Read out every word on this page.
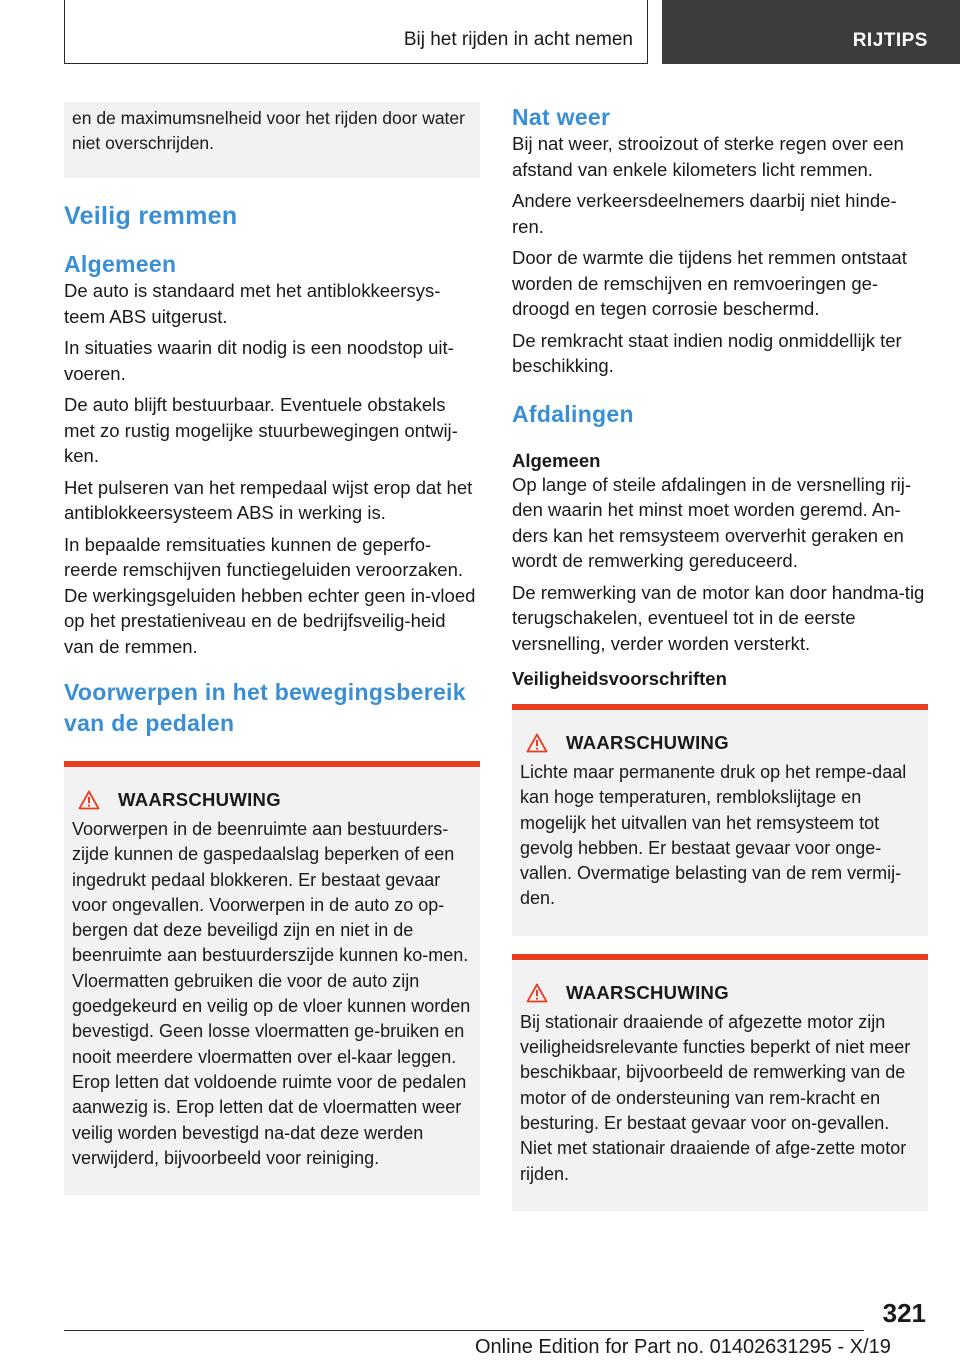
Bij het rijden in acht nemen	RIJTIPS

en de maximumsnelheid voor het rijden door water niet overschrijden.

Veilig remmen
Algemeen

De auto is standaard met het antiblokkeersys-teem ABS uitgerust.

In situaties waarin dit nodig is een noodstop uit-voeren.

De auto blijft bestuurbaar. Eventuele obstakels met zo rustig mogelijke stuurbewegingen ontwij-ken.

Het pulseren van het rempedaal wijst erop dat het antiblokkeersysteem ABS in werking is.

In bepaalde remsituaties kunnen de geperfo-reerde remschijven functiegeluiden veroorzaken. De werkingsgeluiden hebben echter geen in-vloed op het prestatieniveau en de bedrijfsveilig-heid van de remmen.

Voorwerpen in het bewegingsbereik van de pedalen
WAARSCHUWING

Voorwerpen in de beenruimte aan bestuurders-zijde kunnen de gaspedaalslag beperken of een ingedrukt pedaal blokkeren. Er bestaat gevaar voor ongevallen. Voorwerpen in de auto zo op-bergen dat deze beveiligd zijn en niet in de beenruimte aan bestuurderszijde kunnen ko-men. Vloermatten gebruiken die voor de auto zijn goedgekeurd en veilig op de vloer kunnen worden bevestigd. Geen losse vloermatten ge-bruiken en nooit meerdere vloermatten over el-kaar leggen. Erop letten dat voldoende ruimte voor de pedalen aanwezig is. Erop letten dat de vloermatten weer veilig worden bevestigd na-dat deze werden verwijderd, bijvoorbeeld voor reiniging.

Nat weer

Bij nat weer, strooizout of sterke regen over een afstand van enkele kilometers licht remmen.

Andere verkeersdeelnemers daarbij niet hinde-ren.

Door de warmte die tijdens het remmen ontstaat worden de remschijven en remvoeringen ge-droogd en tegen corrosie beschermd.

De remkracht staat indien nodig onmiddellijk ter beschikking.

Afdalingen
Algemeen

Op lange of steile afdalingen in de versnelling rij-den waarin het minst moet worden geremd. An-ders kan het remsysteem oververhit geraken en wordt de remwerking gereduceerd.

De remwerking van de motor kan door handma-tig terugschakelen, eventueel tot in de eerste versnelling, verder worden versterkt.

Veiligheidsvoorschriften
WAARSCHUWING

Lichte maar permanente druk op het rempe-daal kan hoge temperaturen, remblokslijtage en mogelijk het uitvallen van het remsysteem tot gevolg hebben. Er bestaat gevaar voor onge-vallen. Overmatige belasting van de rem vermij-den.

WAARSCHUWING

Bij stationair draaiende of afgezette motor zijn veiligheidsrelevante functies beperkt of niet meer beschikbaar, bijvoorbeeld de remwerking van de motor of de ondersteuning van rem-kracht en besturing. Er bestaat gevaar voor on-gevallen. Niet met stationair draaiende of afge-zette motor rijden.

321
Online Edition for Part no. 01402631295 - X/19
